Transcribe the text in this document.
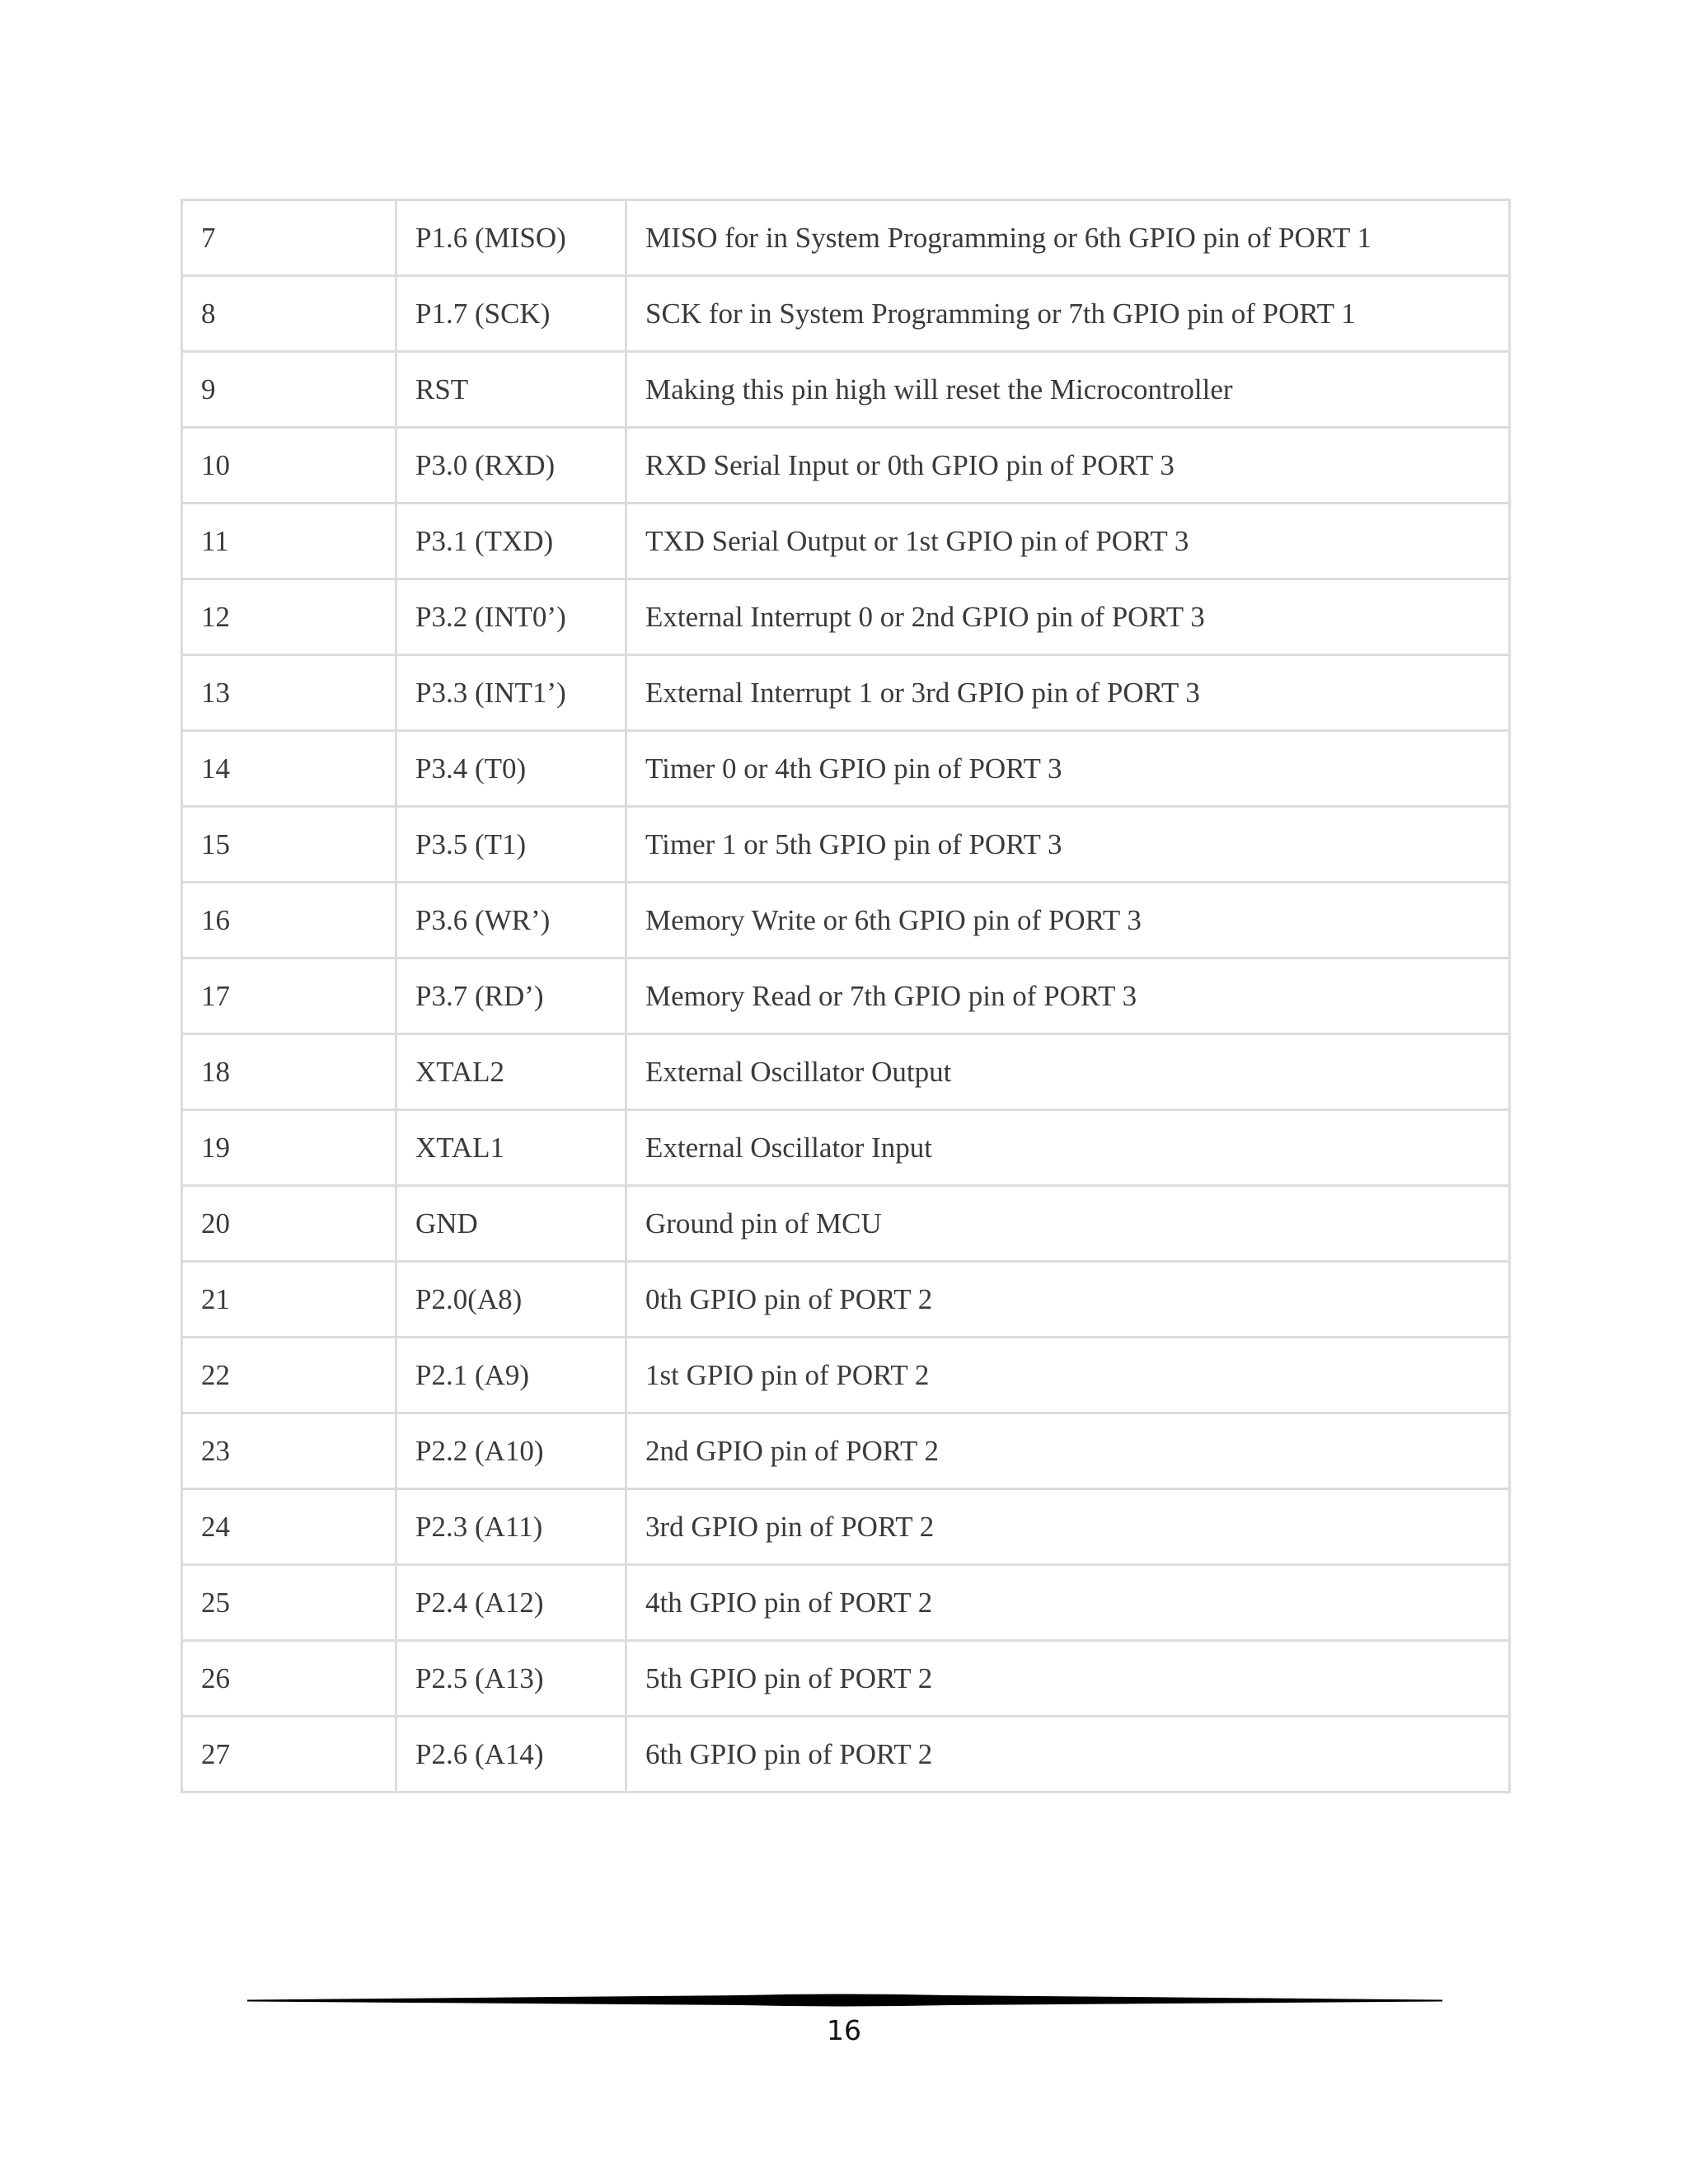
7	P1.6 (MISO)	MISO for in System Programming or 6th GPIO pin of PORT 1
8	P1.7 (SCK)	SCK for in System Programming or 7th GPIO pin of PORT 1
9	RST	Making this pin high will reset the Microcontroller
10	P3.0 (RXD)	RXD Serial Input or 0th GPIO pin of PORT 3
11	P3.1 (TXD)	TXD Serial Output or 1st GPIO pin of PORT 3
12	P3.2 (INT0’)	External Interrupt 0 or 2nd GPIO pin of PORT 3
13	P3.3 (INT1’)	External Interrupt 1 or 3rd GPIO pin of PORT 3
14	P3.4 (T0)	Timer 0 or 4th GPIO pin of PORT 3
15	P3.5 (T1)	Timer 1 or 5th GPIO pin of PORT 3
16	P3.6 (WR’)	Memory Write or 6th GPIO pin of PORT 3
17	P3.7 (RD’)	Memory Read or 7th GPIO pin of PORT 3
18	XTAL2	External Oscillator Output
19	XTAL1	External Oscillator Input
20	GND	Ground pin of MCU
21	P2.0(A8)	0th GPIO pin of PORT 2
22	P2.1 (A9)	1st GPIO pin of PORT 2
23	P2.2 (A10)	2nd GPIO pin of PORT 2
24	P2.3 (A11)	3rd GPIO pin of PORT 2
25	P2.4 (A12)	4th GPIO pin of PORT 2
26	P2.5 (A13)	5th GPIO pin of PORT 2
27	P2.6 (A14)	6th GPIO pin of PORT 2
16
